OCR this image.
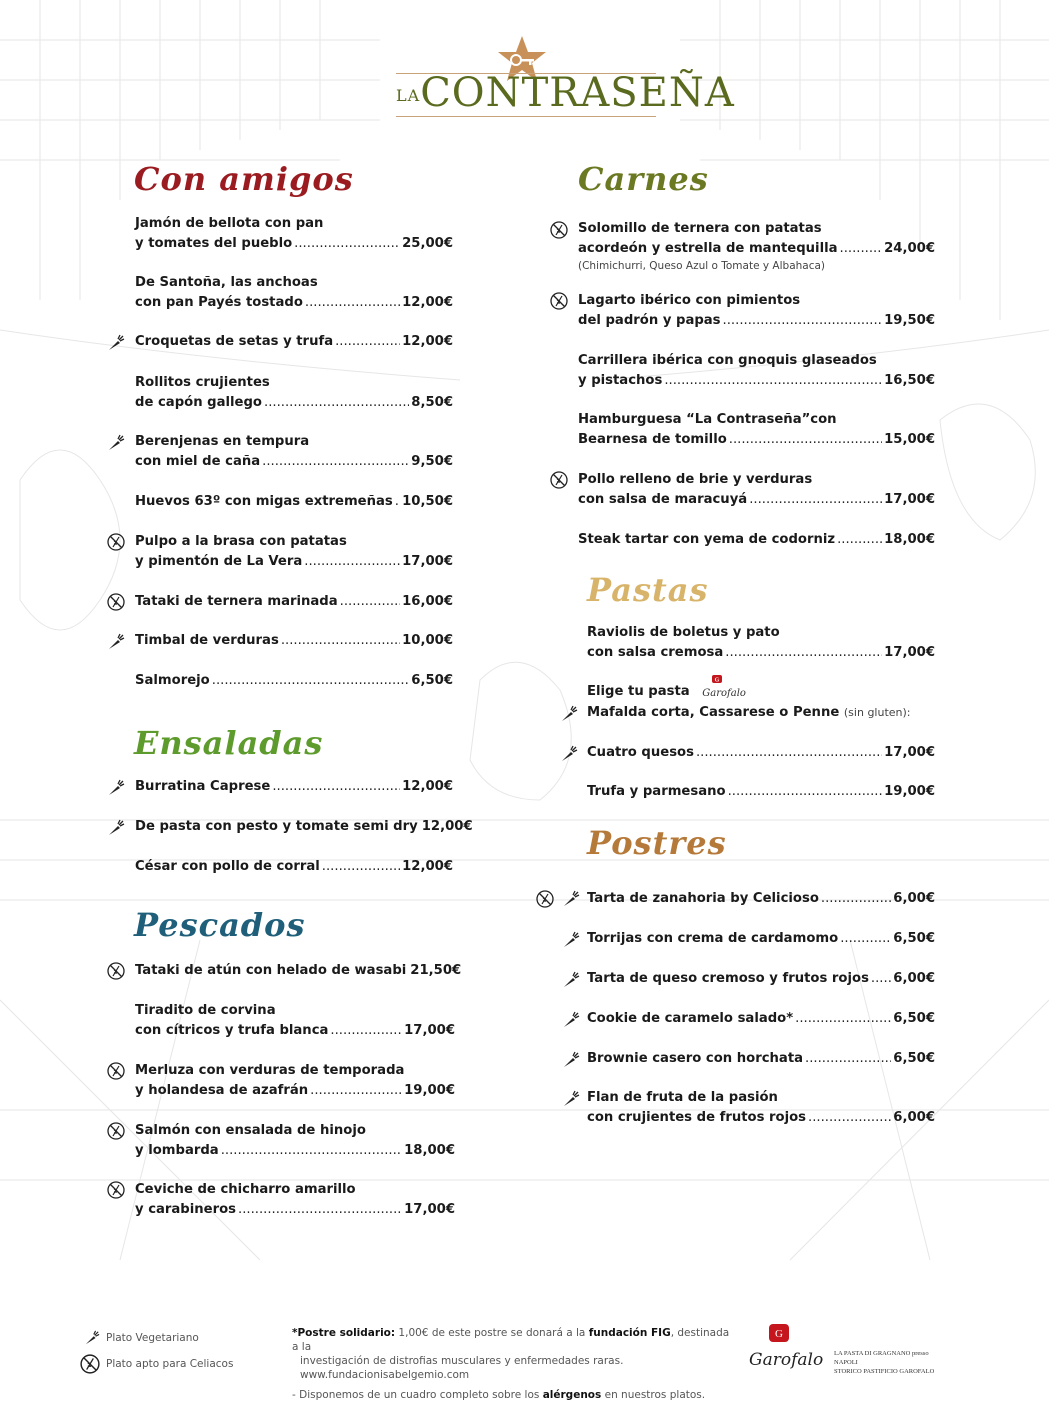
LACONTRASEÑA
Con amigos
Jamón de bellota con pan
y tomates del pueblo .....	25,00€
De Santoña, las anchoas
con pan Payés tostado .....	12,00€
Croquetas de setas y trufa .....	12,00€
Rollitos crujientes
de capón gallego .....	8,50€
Berenjenas en tempura
con miel de caña .....	9,50€
Huevos 63º con migas extremeñas ..... 10,50€
Pulpo a la brasa con patatas
y pimentón de La Vera .....	17,00€
Tataki de ternera marinada .....	16,00€
Timbal de verduras .....	10,00€
Salmorejo .....	6,50€
Ensaladas
Burratina Caprese .....	12,00€
De pasta con pesto y tomate semi dry 12,00€
César con pollo de corral .....	12,00€
Pescados
Tataki de atún con helado de wasabi 21,50€
Tiradito de corvina
con cítricos y trufa blanca .....	17,00€
Merluza con verduras de temporada
y holandesa de azafrán .....	19,00€
Salmón con ensalada de hinojo
y lombarda .....	18,00€
Ceviche de chicharro amarillo
y carabineros .....	17,00€
Carnes
Solomillo de ternera con patatas
acordeón y estrella de mantequilla .....	24,00€
(Chimichurri, Queso Azul o Tomate y Albahaca)
Lagarto ibérico con pimientos
del padrón y papas .....	19,50€
Carrillera ibérica con gnoquis glaseados
y pistachos .....	16,50€
Hamburguesa “La Contraseña”con
Bearnesa de tomillo .....	15,00€
Pollo relleno de brie y verduras
con salsa de maracuyá .....	17,00€
Steak tartar con yema de codorniz .....	18,00€
Pastas
Raviolis de boletus y pato
con salsa cremosa .....	17,00€
Elige tu pasta
G
Garofalo
Mafalda corta, Cassarese o Penne (sin gluten):
Cuatro quesos .....	17,00€
Trufa y parmesano .....	19,00€
Postres
Tarta de zanahoria by Celicioso .....	6,00€
Torrijas con crema de cardamomo .....	6,50€
Tarta de queso cremoso y frutos rojos ..... 6,00€
Cookie de caramelo salado* .....	6,50€
Brownie casero con horchata .....	6,50€
Flan de fruta de la pasión
con crujientes de frutos rojos .....	6,00€
Plato Vegetariano
Plato apto para Celiacos
*Postre solidario: 1,00€ de este postre se donará a la fundación FIG, destinada a la
investigación de distrofias musculares y enfermedades raras. www.fundacionisabelgemio.com
- Disponemos de un cuadro completo sobre los alérgenos en nuestros platos.
G
Garofalo LA PASTA DI GRAGNANO presso NAPOLI
STORICO PASTIFICIO GAROFALO
